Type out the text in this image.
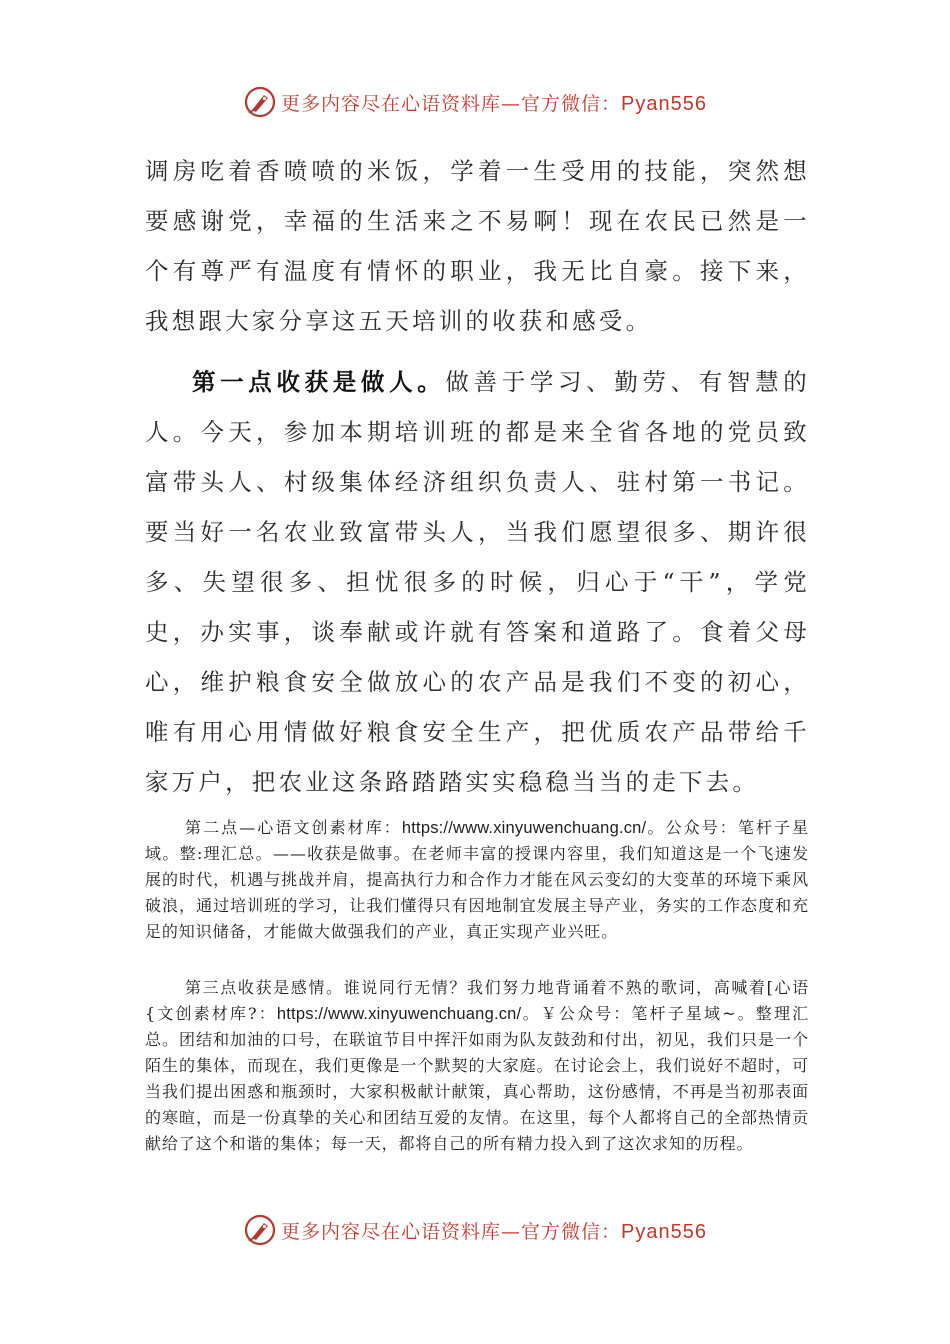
更多内容尽在心语资料库—官方微信：Pyan556

调房吃着香喷喷的米饭，学着一生受用的技能，突然想要感谢党，幸福的生活来之不易啊！现在农民已然是一个有尊严有温度有情怀的职业，我无比自豪。接下来，我想跟大家分享这五天培训的收获和感受。

第一点收获是做人。做善于学习、勤劳、有智慧的人。今天，参加本期培训班的都是来全省各地的党员致富带头人、村级集体经济组织负责人、驻村第一书记。要当好一名农业致富带头人，当我们愿望很多、期许很多、失望很多、担忧很多的时候，归心于“干”，学党史，办实事，谈奉献或许就有答案和道路了。食着父母心，维护粮食安全做放心的农产品是我们不变的初心，唯有用心用情做好粮食安全生产，把优质农产品带给千家万户，把农业这条路踏踏实实稳稳当当的走下去。

第二点—心语文创素材库：https://www.xinyuwenchuang.cn/。公众号：笔杆子星域。整:理汇总。——收获是做事。在老师丰富的授课内容里，我们知道这是一个飞速发展的时代，机遇与挑战并肩，提高执行力和合作力才能在风云变幻的大变革的环境下乘风破浪，通过培训班的学习，让我们懂得只有因地制宜发展主导产业，务实的工作态度和充足的知识储备，才能做大做强我们的产业，真正实现产业兴旺。

第三点收获是感情。谁说同行无情？我们努力地背诵着不熟的歌词，高喊着[心语{文创素材库?：https://www.xinyuwenchuang.cn/。￥公众号：笔杆子星域~。整理汇总。团结和加油的口号，在联谊节目中挥汗如雨为队友鼓劲和付出，初见，我们只是一个陌生的集体，而现在，我们更像是一个默契的大家庭。在讨论会上，我们说好不超时，可当我们提出困惑和瓶颈时，大家积极献计献策，真心帮助，这份感情，不再是当初那表面的寒暄，而是一份真挚的关心和团结互爱的友情。在这里，每个人都将自己的全部热情贡献给了这个和谐的集体；每一天，都将自己的所有精力投入到了这次求知的历程。

更多内容尽在心语资料库—官方微信：Pyan556
